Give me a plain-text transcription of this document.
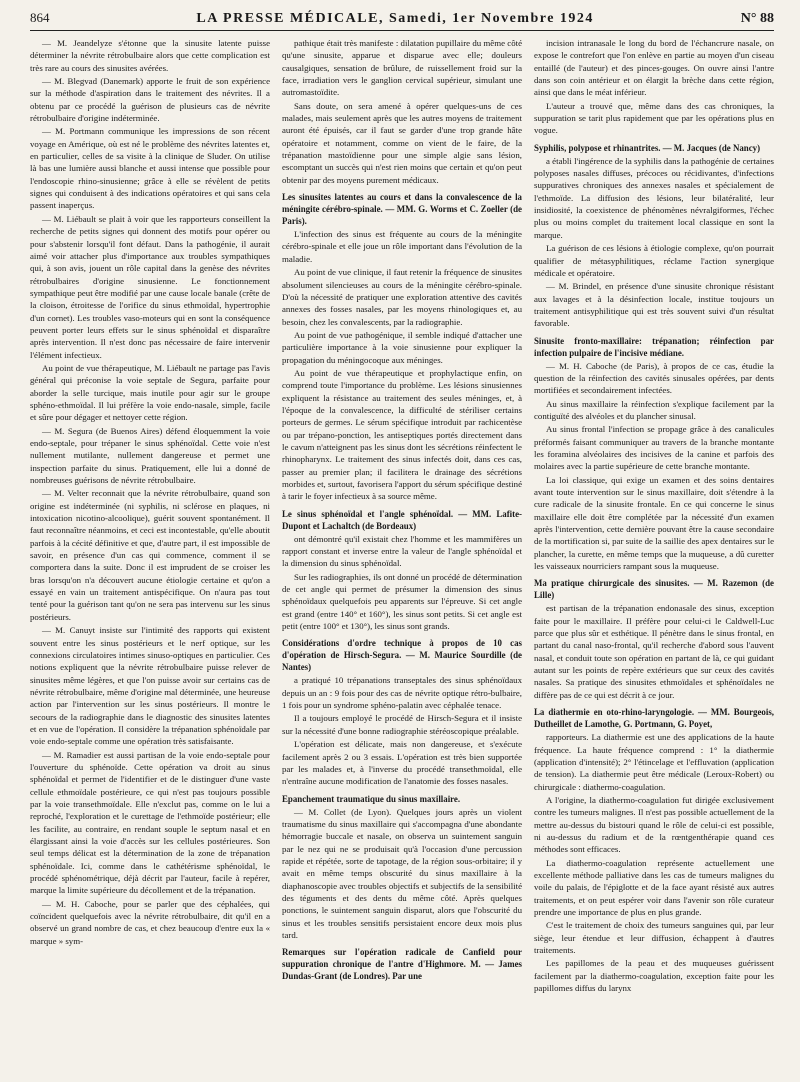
864	LA PRESSE MÉDICALE, Samedi, 1er Novembre 1924	N° 88

— M. Jeandelyze s'étonne que la sinusite latente puisse déterminer la névrite rétrobulbaire alors que cette complication est très rare au cours des sinusites avérées.

— M. Blegvad (Danemark) apporte le fruit de son expérience sur la méthode d'aspiration dans le traitement des névrites. Il a obtenu par ce procédé la guérison de plusieurs cas de névrite rétrobulbaire d'origine indéterminée.

— M. Portmann communique les impressions de son récent voyage en Amérique, où est né le problème des névrites latentes et, en particulier, celles de sa visite à la clinique de Sluder. On utilise là bas une lumière aussi blanche et aussi intense que possible pour l'endoscopie rhino-sinusienne; grâce à elle se révèlent de petits signes qui conduisent à des indications opératoires et qui sans cela passent inaperçus.

— M. Liébault se plait à voir que les rapporteurs conseillent la recherche de petits signes qui donnent des motifs pour opérer ou pour s'abstenir lorsqu'il font défaut. Dans la pathogénie, il aurait aimé voir attacher plus d'importance aux troubles sympathiques qui, à son avis, jouent un rôle capital dans la genèse des névrites rétrobulbaires d'origine sinusienne. Le fonctionnement sympathique peut être modifié par une cause locale banale (crête de la cloison, étroitesse de l'orifice du sinus ethmoïdal, hypertrophie d'un cornet). Les troubles vaso-moteurs qui en sont la conséquence peuvent porter leurs effets sur le sinus sphénoïdal et disparaître après intervention. Il n'est donc pas nécessaire de faire intervenir l'élément infectieux.

Au point de vue thérapeutique, M. Liébault ne partage pas l'avis général qui préconise la voie septale de Segura, parfaite pour aborder la selle turcique, mais inutile pour agir sur le groupe sphéno-ethmoïdal. Il lui préfère la voie endo-nasale, simple, facile et sûre pour dégager et nettoyer cette région.

— M. Segura (de Buenos Aires) défend éloquemment la voie endo-septale, pour trépaner le sinus sphénoïdal. Cette voie n'est nullement mutilante, nullement dangereuse et permet une inspection parfaite du sinus. Pratiquement, elle lui a donné de nombreuses guérisons de névrite rétrobulbaire.

— M. Velter reconnait que la névrite rétrobulbaire, quand son origine est indéterminée (ni syphilis, ni sclérose en plaques, ni intoxication nicotino-alcoolique), guérit souvent spontanément. Il faut reconnaître néanmoins, et ceci est incontestable, qu'elle aboutit parfois à la cécité définitive et que, d'autre part, il est impossible de savoir, en présence d'un cas qui commence, comment il se comportera dans la suite. Donc il est imprudent de se croiser les bras lorsqu'on n'a découvert aucune étiologie certaine et qu'on a essayé en vain un traitement antispécifique. On n'aura pas tout tenté pour la guérison tant qu'on ne sera pas intervenu sur les sinus postérieurs.

— M. Canuyt insiste sur l'intimité des rapports qui existent souvent entre les sinus postérieurs et le nerf optique, sur les connexions circulatoires intimes sinuso-optiques en particulier. Ces notions expliquent que la névrite rétrobulbaire puisse relever de sinusites même légères, et que l'on puisse avoir sur certains cas de névrite rétrobulbaire, même d'origine mal déterminée, une heureuse action par l'intervention sur les sinus postérieurs. Il montre le secours de la radiographie dans le diagnostic des sinusites latentes et en vue de l'opération. Il considère la trépanation sphénoïdale par voie endo-septale comme une opération très satisfaisante.

— M. Ramadier est aussi partisan de la voie endo-septale pour l'ouverture du sphénoïde. Cette opération va droit au sinus sphénoïdal et permet de l'identifier et de le distinguer d'une vaste cellule ethmoïdale postérieure, ce qui n'est pas toujours possible par la voie transethmoïdale. Elle n'exclut pas, comme on le lui a reproché, l'exploration et le curettage de l'ethmoïde postérieur; elle les facilite, au contraire, en rendant souple le septum nasal et en élargissant ainsi la voie d'accès sur les cellules postérieures. Son seul temps délicat est la détermination de la zone de trépanation sphénoïdale. Ici, comme dans le cathétérisme sphénoïdal, le procédé sphénométrique, déjà décrit par l'auteur, facile à repérer, marque la limite supérieure du décollement et de la trépanation.

— M. H. Caboche, pour se parler que des céphalées, qui coïncident quelquefois avec la névrite rétrobulbaire, dit qu'il en a observé un grand nombre de cas, et chez beaucoup d'entre eux la « marque » sym-

pathique était très manifeste : dilatation pupillaire du même côté qu'une sinusite, apparue et disparue avec elle; douleurs causalgiques, sensation de brûlure, de ruissellement froid sur la face, irradiation vers le ganglion cervical supérieur, simulant une autromastoïdite.

Sans doute, on sera amené à opérer quelques-uns de ces malades, mais seulement après que les autres moyens de traitement auront été épuisés, car il faut se garder d'une trop grande hâte opératoire et notamment, comme on vient de le faire, de la trépanation mastoïdienne pour une simple algie sans lésion, escomptant un succès qui n'est rien moins que certain et qu'on peut obtenir par des moyens purement médicaux.

Les sinusites latentes au cours et dans la convalescence de la méningite cérébro-spinale. — MM. G. Worms et C. Zoeller (de Paris).

L'infection des sinus est fréquente au cours de la méningite cérébro-spinale et elle joue un rôle important dans l'évolution de la maladie.

Au point de vue clinique, il faut retenir la fréquence de sinusites absolument silencieuses au cours de la méningite cérébro-spinale. D'où la nécessité de pratiquer une exploration attentive des cavités annexes des fosses nasales, par les moyens rhinologiques et, au besoin, chez les convalescents, par la radiographie.

Au point de vue pathogénique, il semble indiqué d'attacher une particulière importance à la voie sinusienne pour expliquer la propagation du méningocoque aux méninges.

Au point de vue thérapeutique et prophylactique enfin, on comprend toute l'importance du problème. Les lésions sinusiennes expliquent la résistance au traitement des seules méninges, et, à l'époque de la convalescence, la difficulté de stériliser certains porteurs de germes. Le sérum spécifique introduit par rachicentèse ou par trépano-ponction, les antiseptiques portés directement dans le cavum n'atteignent pas les sinus dont les sécrétions réinfectent le rhinopharynx. Le traitement des sinus infectés doit, dans ces cas, passer au premier plan; il facilitera le drainage des sécrétions morbides et, surtout, favorisera l'apport du sérum spécifique destiné à tarir le foyer infectieux à sa source même.

Le sinus sphénoïdal et l'angle sphénoïdal. — MM. Lafite-Dupont et Lachaltch (de Bordeaux)

ont démontré qu'il existait chez l'homme et les mammifères un rapport constant et inverse entre la valeur de l'angle sphénoïdal et la dimension du sinus sphénoïdal.

Sur les radiographies, ils ont donné un procédé de détermination de cet angle qui permet de présumer la dimension des sinus sphénoïdaux quelquefois peu apparents sur l'épreuve. Si cet angle est grand (entre 140° et 160°), les sinus sont petits. Si cet angle est petit (entre 100° et 130°), les sinus sont grands.

Considérations d'ordre technique à propos de 10 cas d'opération de Hirsch-Segura. — M. Maurice Sourdille (de Nantes)

a pratiqué 10 trépanations transeptales des sinus sphénoïdaux depuis un an : 9 fois pour des cas de névrite optique rétro-bulbaire, 1 fois pour un syndrome sphéno-palatin avec céphalée tenace.

Il a toujours employé le procédé de Hirsch-Segura et il insiste sur la nécessité d'une bonne radiographie stéréoscopique préalable.

L'opération est délicate, mais non dangereuse, et s'exécute facilement après 2 ou 3 essais. L'opération est très bien supportée par les malades et, à l'inverse du procédé transethmoïdal, elle n'entraîne aucune modification de l'anatomie des fosses nasales.

Epanchement traumatique du sinus maxillaire.

— M. Collet (de Lyon). Quelques jours après un violent traumatisme du sinus maxillaire qui s'accompagna d'une abondante hémorragie buccale et nasale, on observa un suintement sanguin par le nez qui ne se produisait qu'à l'occasion d'une percussion rapide et répétée, sorte de tapotage, de la région sous-orbitaire; il y avait en même temps obscurité du sinus maxillaire à la diaphanoscopie avec troubles objectifs et subjectifs de la sensibilité des téguments et des dents du même côté. Après quelques ponctions, le suintement sanguin disparut, alors que l'obscurité du sinus et les troubles sensitifs persistaient encore deux mois plus tard.

Remarques sur l'opération radicale de Canfield pour suppuration chronique de l'antre d'Highmore. M. — James Dundas-Grant (de Londres). Par une

incision intranasale le long du bord de l'échancrure nasale, on expose le contrefort que l'on enlève en partie au moyen d'un ciseau entaillé (de l'auteur) et des pinces-gouges. On ouvre ainsi l'antre dans son coin antérieur et on élargit la brèche dans cette région, ainsi que dans le méat inférieur.

L'auteur a trouvé que, même dans des cas chroniques, la suppuration se tarit plus rapidement que par les opérations plus en vogue.

Syphilis, polypose et rhinantrites. — M. Jacques (de Nancy)

a établi l'ingérence de la syphilis dans la pathogénie de certaines polyposes nasales diffuses, précoces ou récidivantes, d'infections suppuratives chroniques des annexes nasales et spécialement de l'ethmoïde. La diffusion des lésions, leur bilatéralité, leur insidiosité, la coexistence de phénomènes névralgiformes, l'échec plus ou moins complet du traitement local classique en sont la marque.

La guérison de ces lésions à étiologie complexe, qu'on pourrait qualifier de métasyphilitiques, réclame l'action synergique médicale et opératoire.

— M. Brindel, en présence d'une sinusite chronique résistant aux lavages et à la désinfection locale, institue toujours un traitement antisyphilitique qui est très souvent suivi d'un résultat favorable.

Sinusite fronto-maxillaire: trépanation; réinfection par infection pulpaire de l'incisive médiane.

— M. H. Caboche (de Paris), à propos de ce cas, étudie la question de la réinfection des cavités sinusales opérées, par dents mortifiées et secondairement infectées.

Au sinus maxillaire la réinfection s'explique facilement par la contiguïté des alvéoles et du plancher sinusal.

Au sinus frontal l'infection se propage grâce à des canalicules préformés faisant communiquer au travers de la branche montante les foramina alvéolaires des incisives de la canine et parfois des molaires avec la partie supérieure de cette branche montante.

La loi classique, qui exige un examen et des soins dentaires avant toute intervention sur le sinus maxillaire, doit s'étendre à la cure radicale de la sinusite frontale. En ce qui concerne le sinus maxillaire elle doit être complétée par la nécessité d'un examen après l'intervention, cette dernière pouvant être la cause secondaire de la mortification si, par suite de la saillie des apex dentaires sur le plancher, la curette, en même temps que la muqueuse, a dû curetter les vaisseaux nourriciers rampant sous la muqueuse.

Ma pratique chirurgicale des sinusites. — M. Razemon (de Lille)

est partisan de la trépanation endonasale des sinus, exception faite pour le maxillaire. Il préfère pour celui-ci le Caldwell-Luc parce que plus sûr et esthétique. Il pénètre dans le sinus frontal, en partant du canal naso-frontal, qu'il recherche d'abord sous l'auvent nasal, et conduit toute son opération en partant de là, ce qui guidant autant sur les points de repère extérieurs que sur ceux des cavités nasales. Sa pratique des sinusites ethmoïdales et sphénoïdales ne diffère pas de ce qui est décrit à ce jour.

La diathermie en oto-rhino-laryngologie. — MM. Bourgeois, Dutheillet de Lamothe, G. Portmann, G. Poyet,

rapporteurs. La diathermie est une des applications de la haute fréquence. La haute fréquence comprend : 1° la diathermie (application d'intensité); 2° l'étincelage et l'effluvation (application de tension). La diathermie peut être médicale (Leroux-Robert) ou chirurgicale : diathermo-coagulation.

A l'origine, la diathermo-coagulation fut dirigée exclusivement contre les tumeurs malignes. Il n'est pas possible actuellement de la mettre au-dessus du bistouri quand le rôle de celui-ci est possible, ni au-dessus du radium et de la rœntgenthérapie quand ces méthodes sont efficaces.

La diathermo-coagulation représente actuellement une excellente méthode palliative dans les cas de tumeurs malignes du voile du palais, de l'épiglotte et de la face ayant résisté aux autres traitements, et on peut espérer voir dans l'avenir son rôle curateur prendre une importance de plus en plus grande.

C'est le traitement de choix des tumeurs sanguines qui, par leur siège, leur étendue et leur diffusion, échappent à d'autres traitements.

Les papillomes de la peau et des muqueuses guérissent facilement par la diathermo-coagulation, exception faite pour les papillomes diffus du larynx
